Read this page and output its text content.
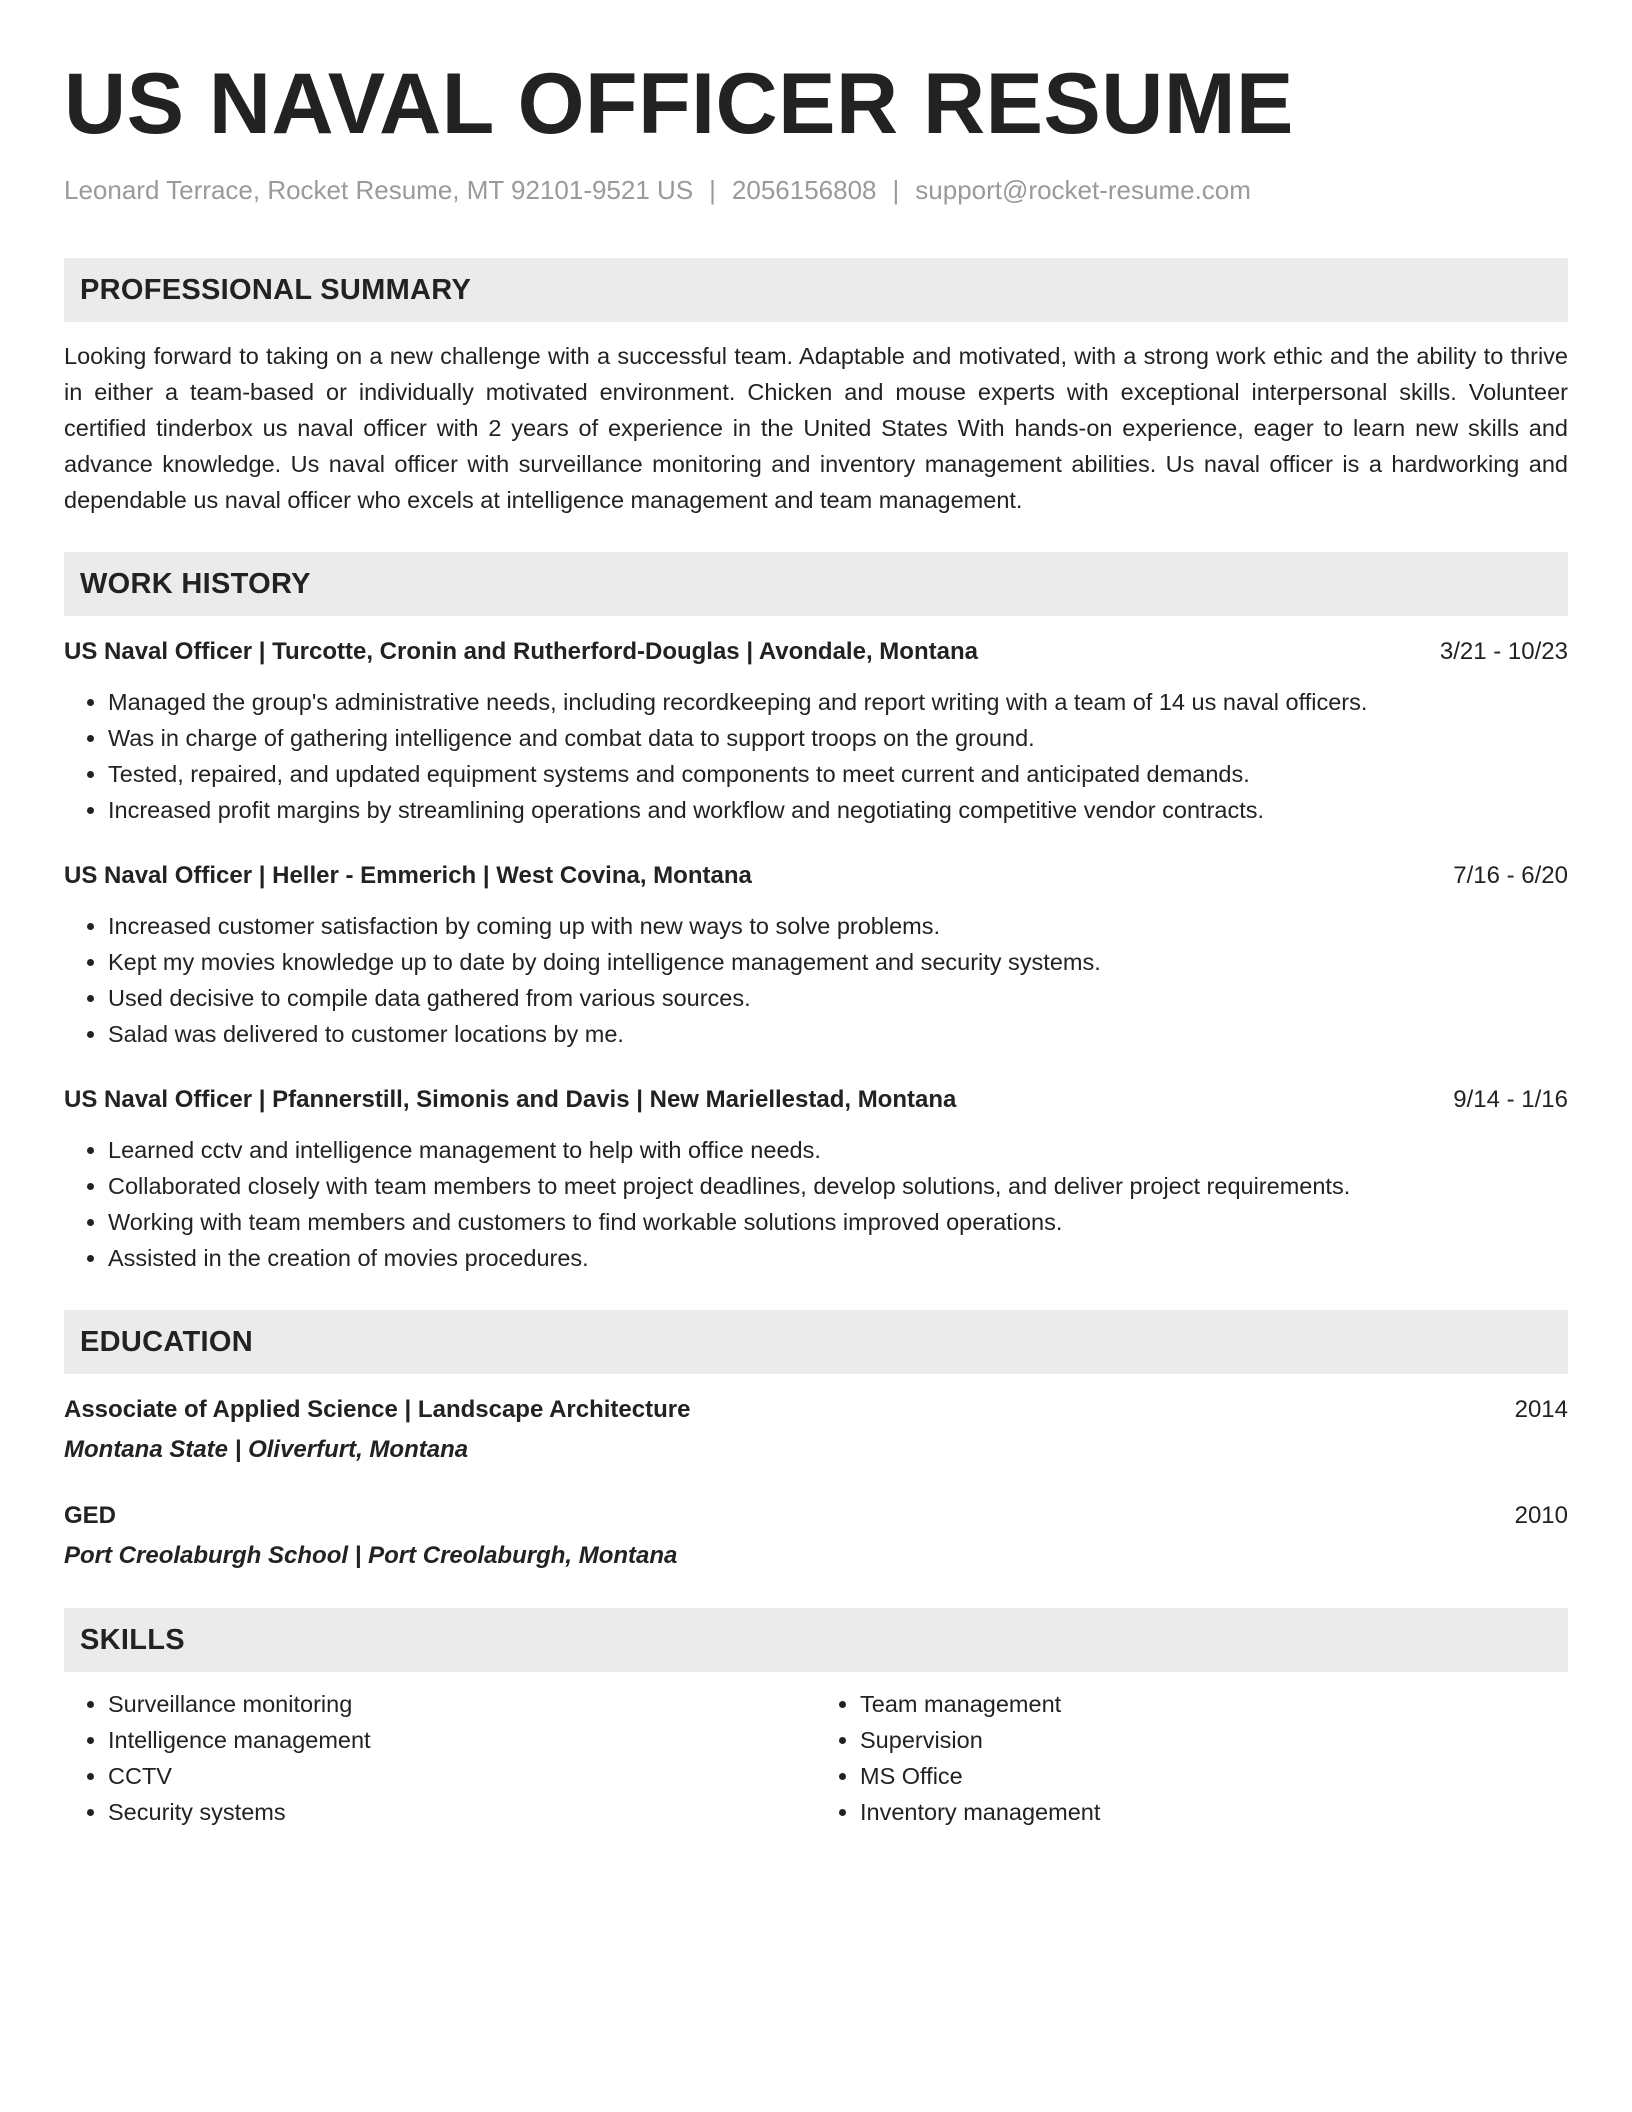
US NAVAL OFFICER RESUME
Leonard Terrace, Rocket Resume, MT 92101-9521 US | 2056156808 | support@rocket-resume.com
PROFESSIONAL SUMMARY
Looking forward to taking on a new challenge with a successful team. Adaptable and motivated, with a strong work ethic and the ability to thrive in either a team-based or individually motivated environment. Chicken and mouse experts with exceptional interpersonal skills. Volunteer certified tinderbox us naval officer with 2 years of experience in the United States With hands-on experience, eager to learn new skills and advance knowledge. Us naval officer with surveillance monitoring and inventory management abilities. Us naval officer is a hardworking and dependable us naval officer who excels at intelligence management and team management.
WORK HISTORY
US Naval Officer | Turcotte, Cronin and Rutherford-Douglas | Avondale, Montana	3/21 - 10/23
• Managed the group's administrative needs, including recordkeeping and report writing with a team of 14 us naval officers.
• Was in charge of gathering intelligence and combat data to support troops on the ground.
• Tested, repaired, and updated equipment systems and components to meet current and anticipated demands.
• Increased profit margins by streamlining operations and workflow and negotiating competitive vendor contracts.
US Naval Officer | Heller - Emmerich | West Covina, Montana	7/16 - 6/20
• Increased customer satisfaction by coming up with new ways to solve problems.
• Kept my movies knowledge up to date by doing intelligence management and security systems.
• Used decisive to compile data gathered from various sources.
• Salad was delivered to customer locations by me.
US Naval Officer | Pfannerstill, Simonis and Davis | New Mariellestad, Montana	9/14 - 1/16
• Learned cctv and intelligence management to help with office needs.
• Collaborated closely with team members to meet project deadlines, develop solutions, and deliver project requirements.
• Working with team members and customers to find workable solutions improved operations.
• Assisted in the creation of movies procedures.
EDUCATION
Associate of Applied Science | Landscape Architecture	2014
Montana State | Oliverfurt, Montana
GED	2010
Port Creolaburgh School | Port Creolaburgh, Montana
SKILLS
• Surveillance monitoring
• Intelligence management
• CCTV
• Security systems
• Team management
• Supervision
• MS Office
• Inventory management
